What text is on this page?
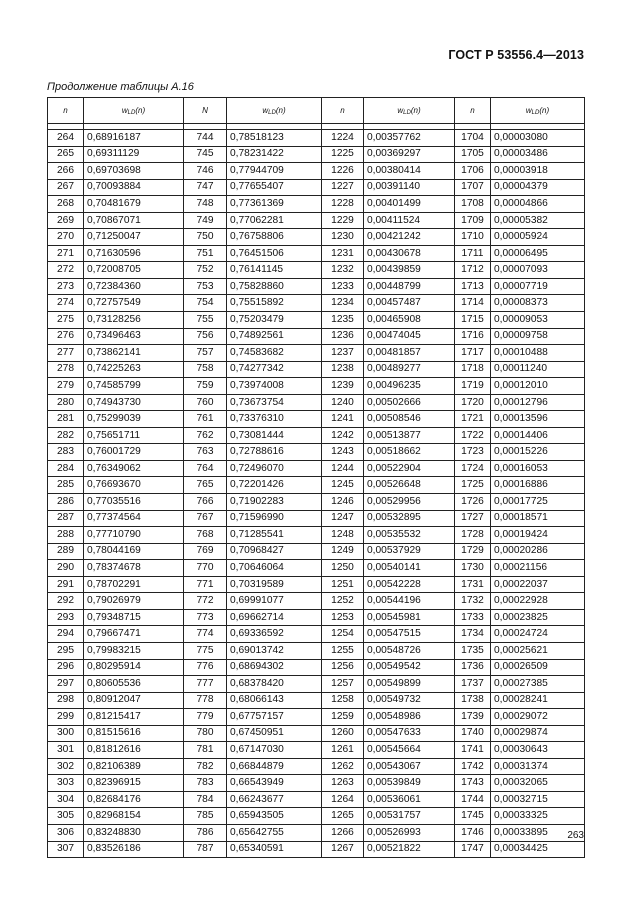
ГОСТ Р 53556.4—2013
Продолжение таблицы А.16
n	wLD(n)	N	wLD(n)	n	wLD(n)	n	wLD(n)

264	0,68916187	744	0,78518123	1224	0,00357762	1704	0,00003080
265	0,69311129	745	0,78231422	1225	0,00369297	1705	0,00003486
266	0,69703698	746	0,77944709	1226	0,00380414	1706	0,00003918
267	0,70093884	747	0,77655407	1227	0,00391140	1707	0,00004379
268	0,70481679	748	0,77361369	1228	0,00401499	1708	0,00004866
269	0,70867071	749	0,77062281	1229	0,00411524	1709	0,00005382
270	0,71250047	750	0,76758806	1230	0,00421242	1710	0,00005924
271	0,71630596	751	0,76451506	1231	0,00430678	1711	0,00006495
272	0,72008705	752	0,76141145	1232	0,00439859	1712	0,00007093
273	0,72384360	753	0,75828860	1233	0,00448799	1713	0,00007719
274	0,72757549	754	0,75515892	1234	0,00457487	1714	0,00008373
275	0,73128256	755	0,75203479	1235	0,00465908	1715	0,00009053
276	0,73496463	756	0,74892561	1236	0,00474045	1716	0,00009758
277	0,73862141	757	0,74583682	1237	0,00481857	1717	0,00010488
278	0,74225263	758	0,74277342	1238	0,00489277	1718	0,00011240
279	0,74585799	759	0,73974008	1239	0,00496235	1719	0,00012010
280	0,74943730	760	0,73673754	1240	0,00502666	1720	0,00012796
281	0,75299039	761	0,73376310	1241	0,00508546	1721	0,00013596
282	0,75651711	762	0,73081444	1242	0,00513877	1722	0,00014406
283	0,76001729	763	0,72788616	1243	0,00518662	1723	0,00015226
284	0,76349062	764	0,72496070	1244	0,00522904	1724	0,00016053
285	0,76693670	765	0,72201426	1245	0,00526648	1725	0,00016886
286	0,77035516	766	0,71902283	1246	0,00529956	1726	0,00017725
287	0,77374564	767	0,71596990	1247	0,00532895	1727	0,00018571
288	0,77710790	768	0,71285541	1248	0,00535532	1728	0,00019424
289	0,78044169	769	0,70968427	1249	0,00537929	1729	0,00020286
290	0,78374678	770	0,70646064	1250	0,00540141	1730	0,00021156
291	0,78702291	771	0,70319589	1251	0,00542228	1731	0,00022037
292	0,79026979	772	0,69991077	1252	0,00544196	1732	0,00022928
293	0,79348715	773	0,69662714	1253	0,00545981	1733	0,00023825
294	0,79667471	774	0,69336592	1254	0,00547515	1734	0,00024724
295	0,79983215	775	0,69013742	1255	0,00548726	1735	0,00025621
296	0,80295914	776	0,68694302	1256	0,00549542	1736	0,00026509
297	0,80605536	777	0,68378420	1257	0,00549899	1737	0,00027385
298	0,80912047	778	0,68066143	1258	0,00549732	1738	0,00028241
299	0,81215417	779	0,67757157	1259	0,00548986	1739	0,00029072
300	0,81515616	780	0,67450951	1260	0,00547633	1740	0,00029874
301	0,81812616	781	0,67147030	1261	0,00545664	1741	0,00030643
302	0,82106389	782	0,66844879	1262	0,00543067	1742	0,00031374
303	0,82396915	783	0,66543949	1263	0,00539849	1743	0,00032065
304	0,82684176	784	0,66243677	1264	0,00536061	1744	0,00032715
305	0,82968154	785	0,65943505	1265	0,00531757	1745	0,00033325
306	0,83248830	786	0,65642755	1266	0,00526993	1746	0,00033895
307	0,83526186	787	0,65340591	1267	0,00521822	1747	0,00034425
263
